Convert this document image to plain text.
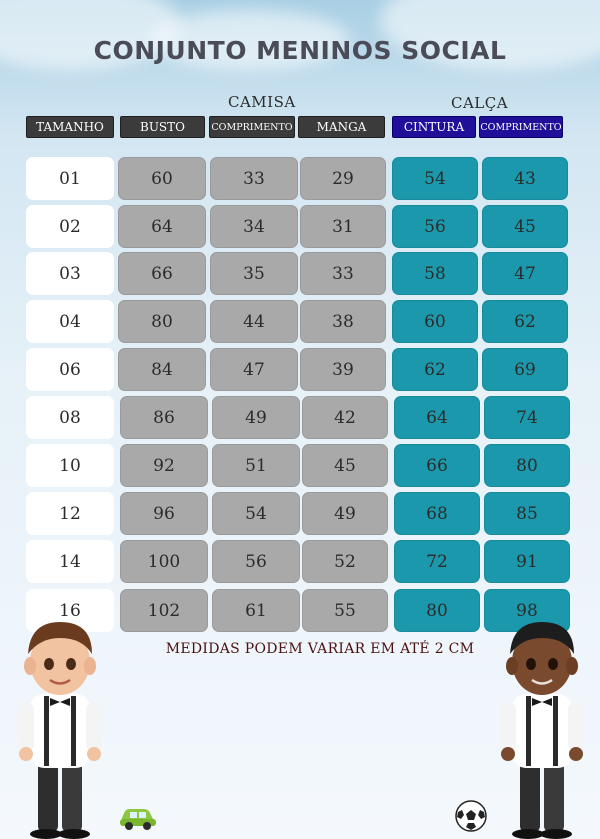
CONJUNTO MENINOS SOCIAL
CAMISA	CALÇA
TAMANHO	BUSTO	COMPRIMENTO	MANGA	CINTURA	COMPRIMENTO
01	60	33	29	54	43
02	64	34	31	56	45
03	66	35	33	58	47
04	80	44	38	60	62
06	84	47	39	62	69
08	86	49	42	64	74
10	92	51	45	66	80
12	96	54	49	68	85
14	100	56	52	72	91
16	102	61	55	80	98
MEDIDAS PODEM VARIAR EM ATÉ 2 CM
